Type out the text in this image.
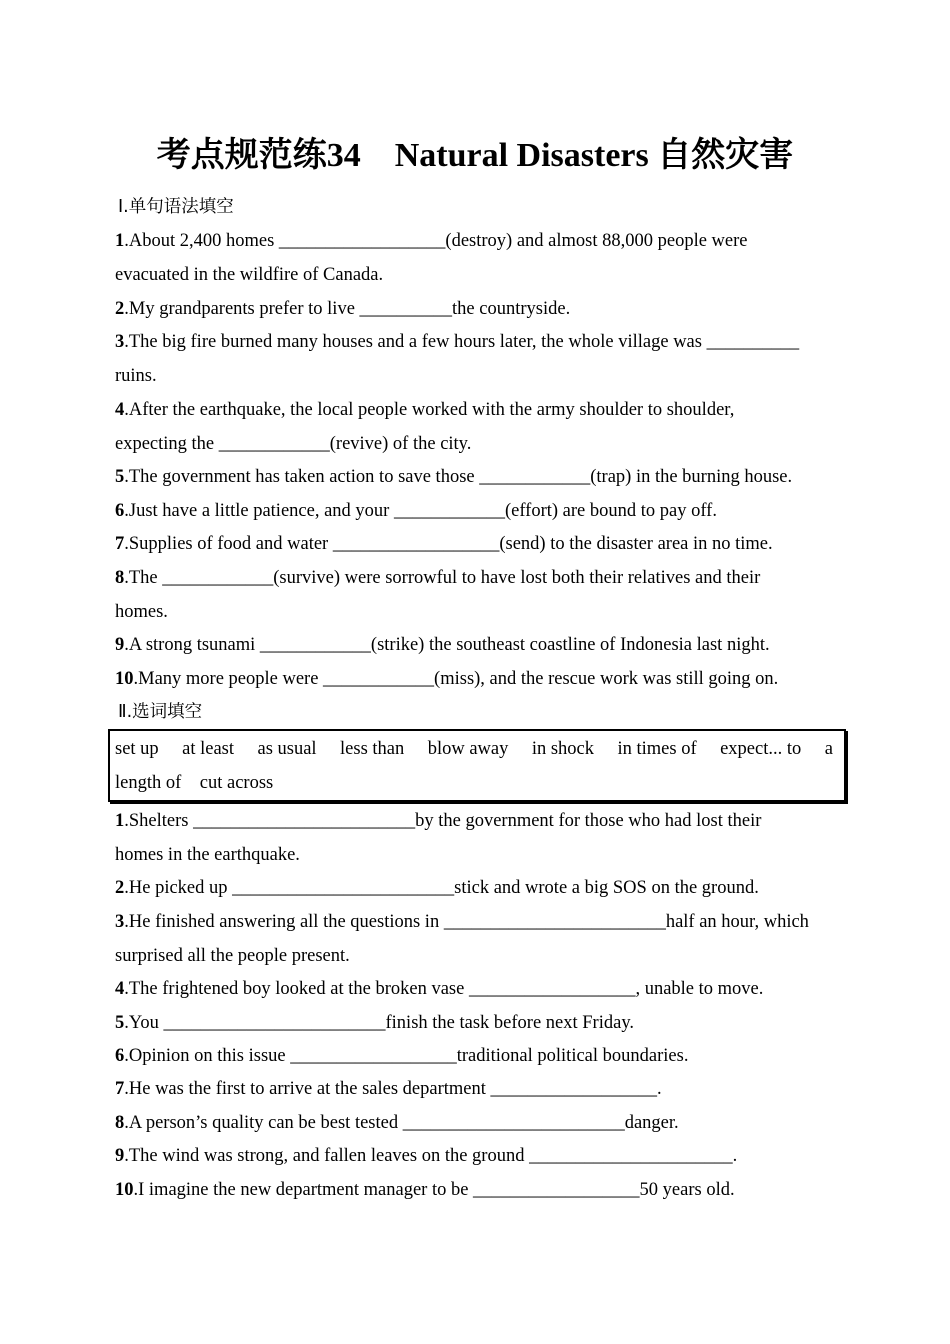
考点规范练34　Natural Disasters 自然灾害
Ⅰ.单句语法填空
1.About 2,400 homes __________________(destroy) and almost 88,000 people were
evacuated in the wildfire of Canada.
2.My grandparents prefer to live __________the countryside.
3.The big fire burned many houses and a few hours later, the whole village was __________
ruins.
4.After the earthquake, the local people worked with the army shoulder to shoulder,
expecting the ____________(revive) of the city.
5.The government has taken action to save those ____________(trap) in the burning house.
6.Just have a little patience, and your ____________(effort) are bound to pay off.
7.Supplies of food and water __________________(send) to the disaster area in no time.
8.The ____________(survive) were sorrowful to have lost both their relatives and their
homes.
9.A strong tsunami ____________(strike) the southeast coastline of Indonesia last night.
10.Many more people were ____________(miss), and the rescue work was still going on.
Ⅱ.选词填空
set up at least as usual less than blow away in shock in times of expect... to a
length of　cut across
1.Shelters ________________________by the government for those who had lost their
homes in the earthquake.
2.He picked up ________________________stick and wrote a big SOS on the ground.
3.He finished answering all the questions in ________________________half an hour, which
surprised all the people present.
4.The frightened boy looked at the broken vase __________________, unable to move.
5.You ________________________finish the task before next Friday.
6.Opinion on this issue __________________traditional political boundaries.
7.He was the first to arrive at the sales department __________________.
8.A person’s quality can be best tested ________________________danger.
9.The wind was strong, and fallen leaves on the ground ______________________.
10.I imagine the new department manager to be __________________50 years old.
